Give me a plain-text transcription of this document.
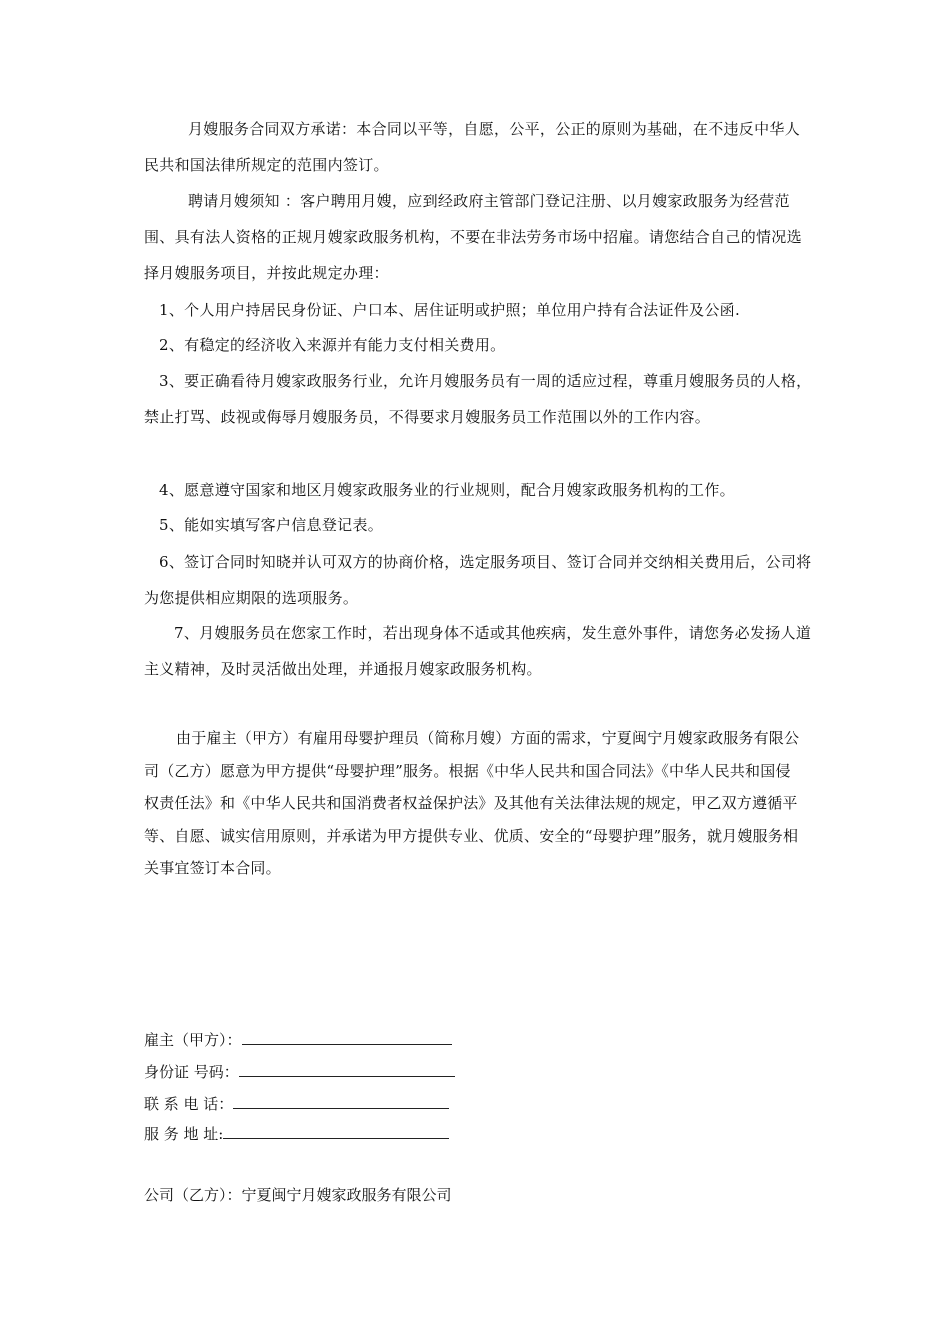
月嫂服务合同双方承诺：本合同以平等，自愿，公平，公正的原则为基础，在不违反中华人民共和国法律所规定的范围内签订。

聘请月嫂须知 ：客户聘用月嫂，应到经政府主管部门登记注册、以月嫂家政服务为经营范围、具有法人资格的正规月嫂家政服务机构，不要在非法劳务市场中招雇。请您结合自己的情况选择月嫂服务项目，并按此规定办理：

1、个人用户持居民身份证、户口本、居住证明或护照；单位用户持有合法证件及公函.

2、有稳定的经济收入来源并有能力支付相关费用。

3、要正确看待月嫂家政服务行业，允许月嫂服务员有一周的适应过程，尊重月嫂服务员的人格，禁止打骂、歧视或侮辱月嫂服务员，不得要求月嫂服务员工作范围以外的工作内容。

4、愿意遵守国家和地区月嫂家政服务业的行业规则，配合月嫂家政服务机构的工作。

5、能如实填写客户信息登记表。

6、签订合同时知晓并认可双方的协商价格，选定服务项目、签订合同并交纳相关费用后，公司将为您提供相应期限的选项服务。

7、月嫂服务员在您家工作时，若出现身体不适或其他疾病，发生意外事件，请您务必发扬人道主义精神，及时灵活做出处理，并通报月嫂家政服务机构。

由于雇主（甲方）有雇用母婴护理员（简称月嫂）方面的需求，宁夏闽宁月嫂家政服务有限公司（乙方）愿意为甲方提供“母婴护理”服务。根据《中华人民共和国合同法》《中华人民共和国侵权责任法》和《中华人民共和国消费者权益保护法》及其他有关法律法规的规定，甲乙双方遵循平等、自愿、诚实信用原则，并承诺为甲方提供专业、优质、安全的“母婴护理”服务，就月嫂服务相关事宜签订本合同。

雇主（甲方）：
身份证 号码：
联 系 电 话：
服 务 地 址:
公司（乙方）：宁夏闽宁月嫂家政服务有限公司
